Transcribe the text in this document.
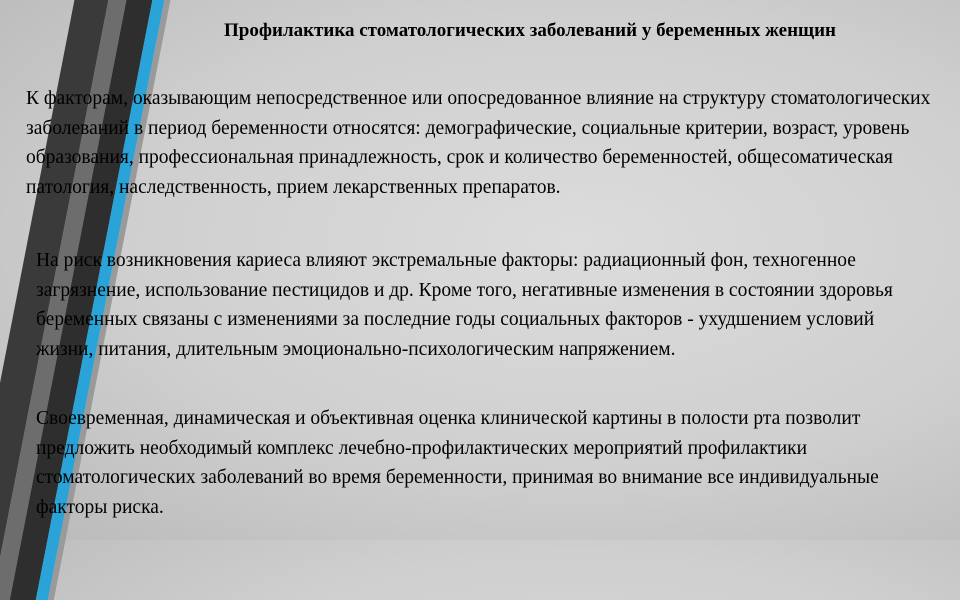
Профилактика стоматологических заболеваний у беременных женщин
К факторам, оказывающим непосредственное или опосредованное влияние на структуру стоматологических заболеваний в период беременности относятся: демографические, социальные критерии, возраст, уровень образования, профессиональная принадлежность, срок и количество беременностей, общесоматическая патология, наследственность, прием лекарственных препаратов.
На риск возникновения кариеса влияют экстремальные факторы: радиационный фон, техногенное загрязнение, использование пестицидов и др. Кроме того, негативные изменения в состоянии здоровья беременных связаны с изменениями за последние годы социальных факторов - ухудшением условий жизни, питания, длительным эмоционально-психологическим напряжением.
Своевременная, динамическая и объективная оценка клинической картины в полости рта позволит предложить необходимый комплекс лечебно-профилактических мероприятий профилактики стоматологических заболеваний во время беременности, принимая во внимание все индивидуальные факторы риска.
